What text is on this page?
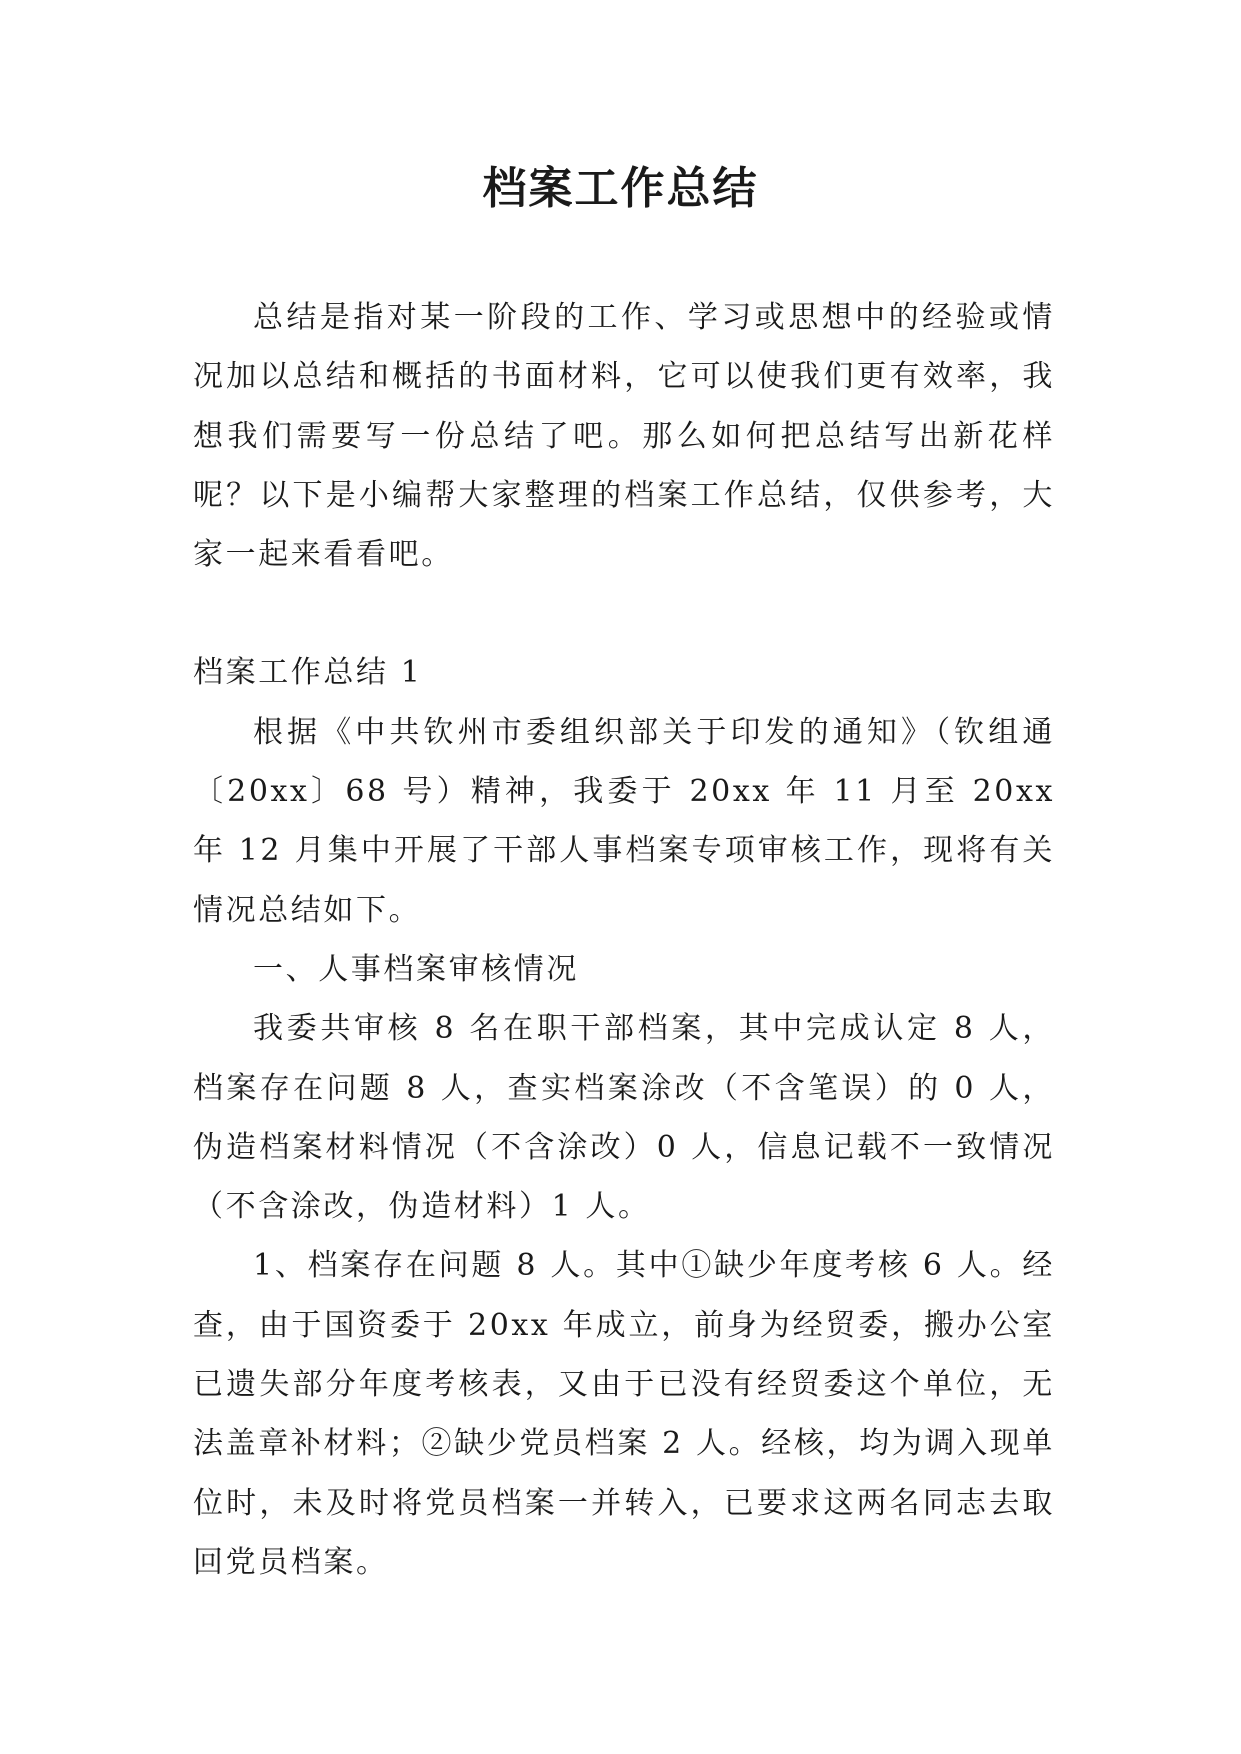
档案工作总结

总结是指对某一阶段的工作、学习或思想中的经验或情况加以总结和概括的书面材料，它可以使我们更有效率，我想我们需要写一份总结了吧。那么如何把总结写出新花样呢？以下是小编帮大家整理的档案工作总结，仅供参考，大家一起来看看吧。

档案工作总结 1

根据《中共钦州市委组织部关于印发的通知》（钦组通〔20xx〕68 号）精神，我委于 20xx 年 11 月至 20xx 年 12 月集中开展了干部人事档案专项审核工作，现将有关情况总结如下。

一、人事档案审核情况

我委共审核 8 名在职干部档案，其中完成认定 8 人，档案存在问题 8 人，查实档案涂改（不含笔误）的 0 人，伪造档案材料情况（不含涂改）0 人，信息记载不一致情况（不含涂改，伪造材料）1 人。

1、档案存在问题 8 人。其中①缺少年度考核 6 人。经查，由于国资委于 20xx 年成立，前身为经贸委，搬办公室已遗失部分年度考核表，又由于已没有经贸委这个单位，无法盖章补材料；②缺少党员档案 2 人。经核，均为调入现单位时，未及时将党员档案一并转入，已要求这两名同志去取回党员档案。
